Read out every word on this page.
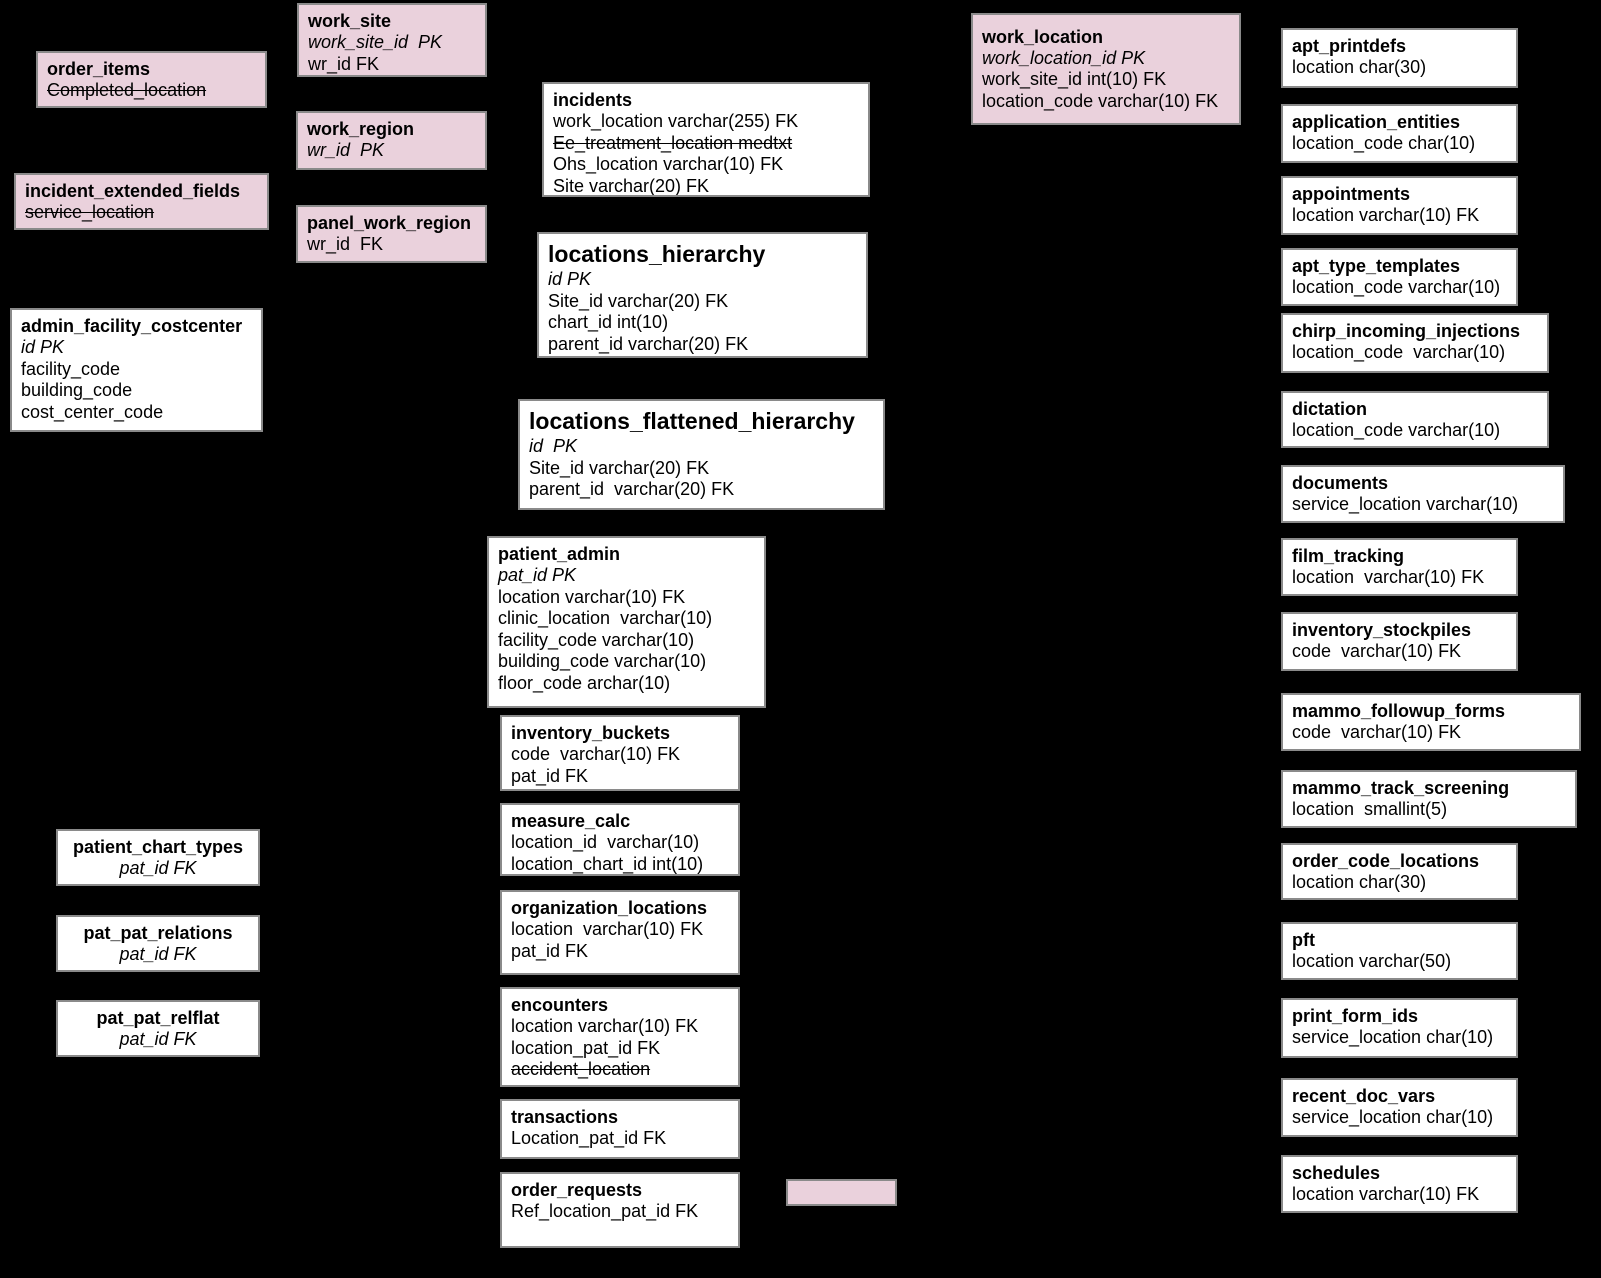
order_items
Completed_location
incident_extended_fields
service_location
admin_facility_costcenter
id PK
facility_code
building_code
cost_center_code
patient_chart_types
pat_id FK
pat_pat_relations
pat_id FK
pat_pat_relflat
pat_id FK
work_site
work_site_id  PK
wr_id FK
work_region
wr_id  PK
panel_work_region
wr_id  FK
incidents
work_location varchar(255) FK
Ee_treatment_location medtxt
Ohs_location varchar(10) FK
Site varchar(20) FK
locations_hierarchy
id PK
Site_id varchar(20) FK
chart_id int(10)
parent_id varchar(20) FK
locations_flattened_hierarchy
id  PK
Site_id varchar(20) FK
parent_id  varchar(20) FK
patient_admin
pat_id PK
location varchar(10) FK
clinic_location  varchar(10)
facility_code varchar(10)
building_code varchar(10)
floor_code archar(10)
inventory_buckets
code  varchar(10) FK
pat_id FK
measure_calc
location_id  varchar(10)
location_chart_id int(10)
organization_locations
location  varchar(10) FK
pat_id FK
encounters
location varchar(10) FK
location_pat_id FK
accident_location
transactions
Location_pat_id FK
order_requests
Ref_location_pat_id FK
work_location
work_location_id PK
work_site_id int(10) FK
location_code varchar(10) FK
apt_printdefs
location char(30)
application_entities
location_code char(10)
appointments
location varchar(10) FK
apt_type_templates
location_code varchar(10)
chirp_incoming_injections
location_code  varchar(10)
dictation
location_code varchar(10)
documents
service_location varchar(10)
film_tracking
location  varchar(10) FK
inventory_stockpiles
code  varchar(10) FK
mammo_followup_forms
code  varchar(10) FK
mammo_track_screening
location  smallint(5)
order_code_locations
location char(30)
pft
location varchar(50)
print_form_ids
service_location char(10)
recent_doc_vars
service_location char(10)
schedules
location varchar(10) FK
